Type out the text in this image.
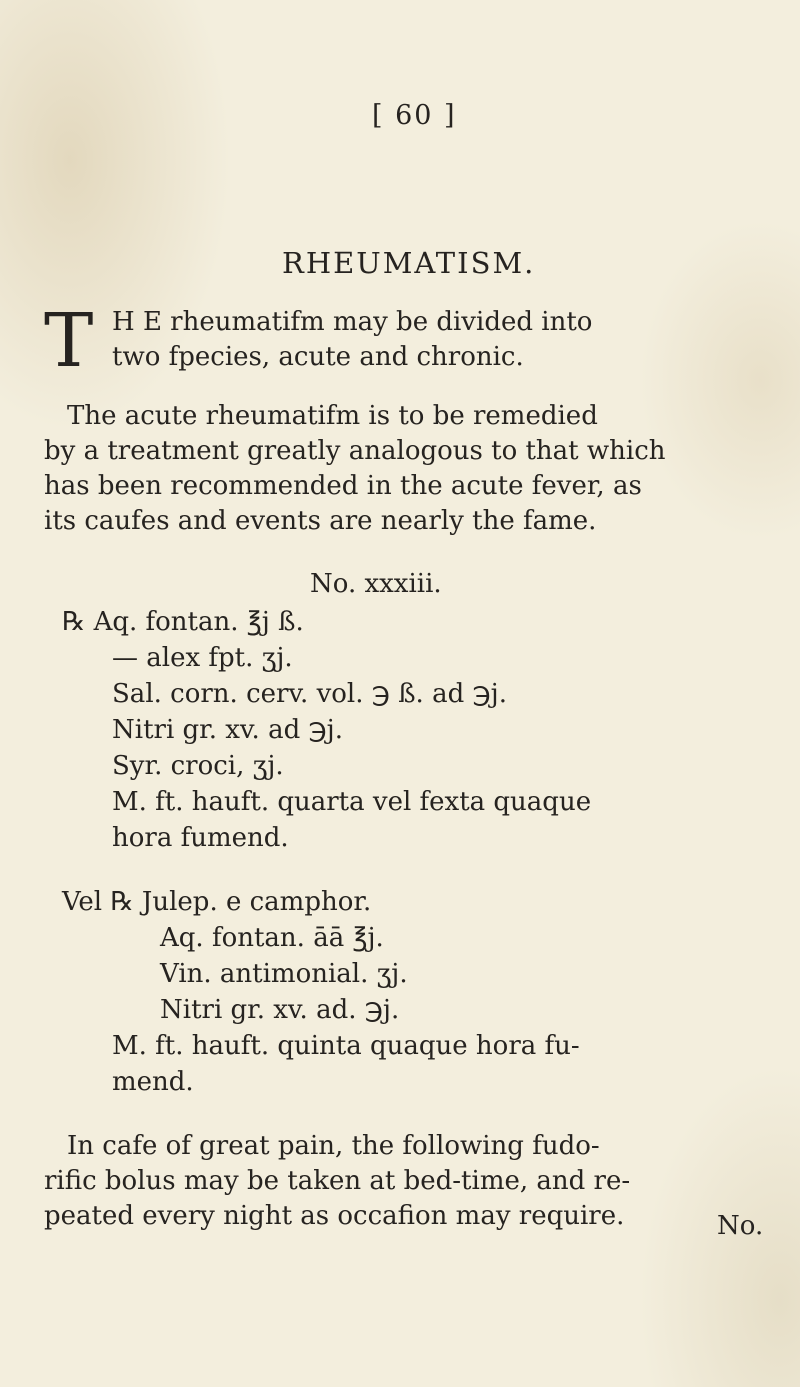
[ 60 ]
RHEUMATISM.
T H E rheumatifm may be divided into
two fpecies, acute and chronic.
The acute rheumatifm is to be remedied
by a treatment greatly analogous to that which
has been recommended in the acute fever, as
its caufes and events are nearly the fame.
No. xxxiii.
℞ Aq. fontan. ℥j ß.
— alex fpt. ʒj.
Sal. corn. cerv. vol. ℈ ß. ad ℈j.
Nitri gr. xv. ad ℈j.
Syr. croci, ʒj.
M. ft. hauft. quarta vel fexta quaque
hora fumend.
Vel ℞ Julep. e camphor.
Aq. fontan. āā ℥j.
Vin. antimonial. ʒj.
Nitri gr. xv. ad. ℈j.
M. ft. hauft. quinta quaque hora fu-
mend.
In cafe of great pain, the following fudo-
rific bolus may be taken at bed-time, and re-
peated every night as occafion may require.	No.
